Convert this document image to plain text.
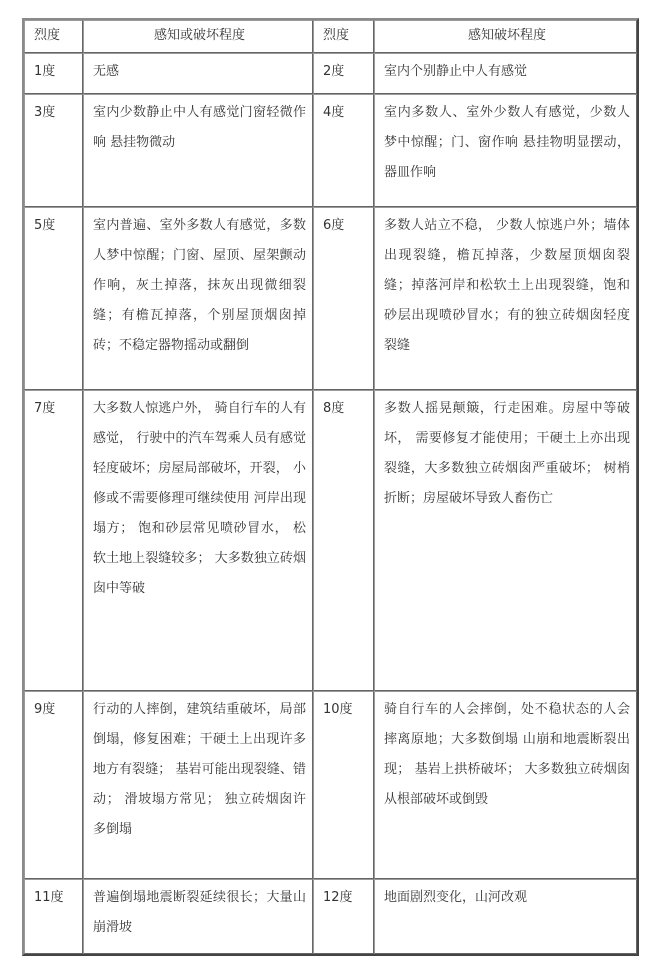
烈度	感知或破坏程度	烈度	感知破坏程度
1度	无感	2度	室内个别静止中人有感觉
3度	室内少数静止中人有感觉门窗轻微作响 悬挂物微动	4度	室内多数人、室外少数人有感觉，少数人梦中惊醒；门、窗作响 悬挂物明显摆动，器皿作响
5度	室内普遍、室外多数人有感觉，多数人梦中惊醒；门窗、屋顶、屋架颤动作响，灰土掉落，抹灰出现微细裂缝；有檐瓦掉落，个别屋顶烟囱掉砖；不稳定器物摇动或翻倒	6度	多数人站立不稳， 少数人惊逃户外；墙体出现裂缝，檐瓦掉落，少数屋顶烟囱裂缝；掉落河岸和松软土上出现裂缝，饱和砂层出现喷砂冒水；有的独立砖烟囱轻度裂缝
7度	大多数人惊逃户外， 骑自行车的人有感觉， 行驶中的汽车驾乘人员有感觉 轻度破坏；房屋局部破坏，开裂， 小修或不需要修理可继续使用 河岸出现塌方； 饱和砂层常见喷砂冒水， 松软土地上裂缝较多； 大多数独立砖烟囱中等破	8度	多数人摇晃颠簸，行走困难。房屋中等破坏， 需要修复才能使用；干硬土上亦出现裂缝，大多数独立砖烟囱严重破坏； 树梢折断；房屋破坏导致人畜伤亡
9度	行动的人摔倒，建筑结重破坏，局部倒塌，修复困难；干硬土上出现许多地方有裂缝； 基岩可能出现裂缝、错动； 滑坡塌方常见； 独立砖烟囱许多倒塌	10度	骑自行车的人会摔倒，处不稳状态的人会摔离原地；大多数倒塌 山崩和地震断裂出现； 基岩上拱桥破坏； 大多数独立砖烟囱从根部破坏或倒毁
11度	普遍倒塌地震断裂延续很长；大量山崩滑坡	12度	地面剧烈变化，山河改观
